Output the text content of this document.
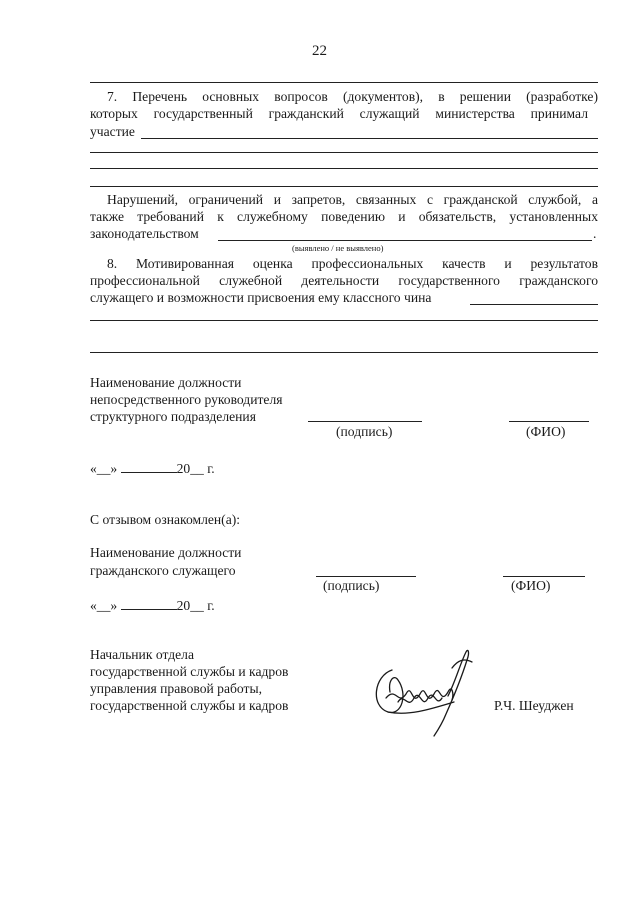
22
7. Перечень основных вопросов (документов), в решении (разработке)
которых государственный гражданский служащий министерства принимал
участие
Нарушений, ограничений и запретов, связанных с гражданской службой, а
также требований к служебному поведению и обязательств, установленных
законодательством	.
(выявлено / не выявлено)
8. Мотивированная оценка профессиональных качеств и результатов
профессиональной служебной деятельности государственного гражданского
служащего и возможности присвоения ему классного чина
Наименование должности
непосредственного руководителя
структурного подразделения
(подпись)	(ФИО)
«__»	20__ г.
С отзывом ознакомлен(а):
Наименование должности
гражданского служащего
(подпись)	(ФИО)
«__»	20__ г.
Начальник отдела
государственной службы и кадров
управления правовой работы,
государственной службы и кадров	Р.Ч. Шеуджен
